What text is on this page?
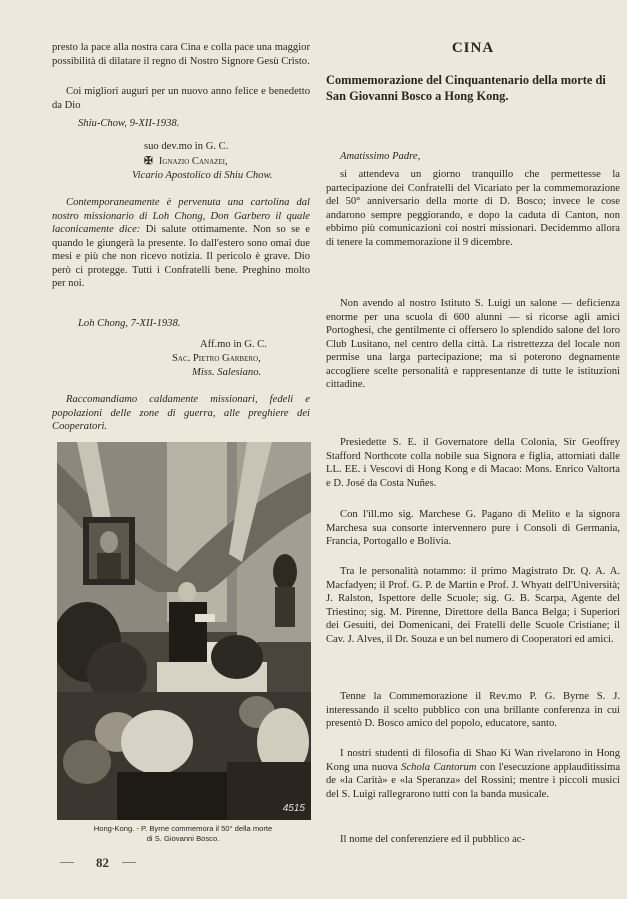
presto la pace alla nostra cara Cina e colla pace una maggior possibilità di dilatare il regno di Nostro Signore Gesù Cristo.

Coi migliori auguri per un nuovo anno felice e benedetto da Dio

Shiu-Chow, 9-XII-1938.

suo dev.mo in G. C.

✠ Ignazio Canazei,

Vicario Apostolico di Shiu Chow.

Contemporaneamente è pervenuta una cartolina dal nostro missionario di Loh Chong, Don Garbero il quale laconicamente dice: Di salute ottimamente. Non so se e quando le giungerà la presente. Io dall'estero sono omai due mesi e più che non ricevo notizia. Il pericolo è grave. Dio però ci protegge. Tutti i Confratelli bene. Preghino molto per noi.

Loh Chong, 7-XII-1938.

Aff.mo in G. C.

Sac. Pietro Garbero,

Miss. Salesiano.

Raccomandiamo caldamente missionari, fedeli e popolazioni delle zone di guerra, alle preghiere dei Cooperatori.

4515
Hong-Kong. - P. Byrne commemora il 50° della morte
di S. Giovanni Bosco.
82
CINA
Commemorazione del Cinquantenario della morte di San Giovanni Bosco a Hong Kong.

Amatissimo Padre,

si attendeva un giorno tranquillo che permettesse la partecipazione dei Confratelli del Vicariato per la commemorazione del 50° anniversario della morte di D. Bosco; invece le cose andarono sempre peggiorando, e dopo la caduta di Canton, non ebbimo più comunicazioni coi nostri missionari. Decidemmo allora di tenere la commemorazione il 9 dicembre.

Non avendo al nostro Istituto S. Luigi un salone — deficienza enorme per una scuola di 600 alunni — si ricorse agli amici Portoghesi, che gentilmente ci offersero lo splendido salone del loro Club Lusitano, nel centro della città. La ristrettezza del locale non permise una larga partecipazione; ma si poterono degnamente accogliere scelte personalità e rappresentanze di tutte le istituzioni cittadine.

Presiedette S. E. il Governatore della Colonia, Sir Geoffrey Stafford Northcote colla nobile sua Signora e figlia, attorniati dalle LL. EE. i Vescovi di Hong Kong e di Macao: Mons. Enrico Valtorta e D. José da Costa Nuñes.

Con l'ill.mo sig. Marchese G. Pagano di Melito e la signora Marchesa sua consorte intervennero pure i Consoli di Germania, Francia, Portogallo e Bolivia.

Tra le personalità notammo: il primo Magistrato Dr. Q. A. A. Macfadyen; il Prof. G. P. de Martin e Prof. J. Whyatt dell'Università; J. Ralston, Ispettore delle Scuole; sig. G. B. Scarpa, Agente del Triestino; sig. M. Pirenne, Direttore della Banca Belga; i Superiori dei Gesuiti, dei Domenicani, dei Fratelli delle Scuole Cristiane; il Cav. J. Alves, il Dr. Souza e un bel numero di Cooperatori ed amici.

Tenne la Commemorazione il Rev.mo P. G. Byrne S. J. interessando il scelto pubblico con una brillante conferenza in cui presentò D. Bosco amico del popolo, educatore, santo.

I nostri studenti di filosofia di Shao Ki Wan rivelarono in Hong Kong una nuova Schola Cantorum con l'esecuzione applauditissima de «la Carità» e «la Speranza» del Rossini; mentre i piccoli musici del S. Luigi rallegrarono tutti con la banda musicale.

Il nome del conferenziere ed il pubblico ac-
